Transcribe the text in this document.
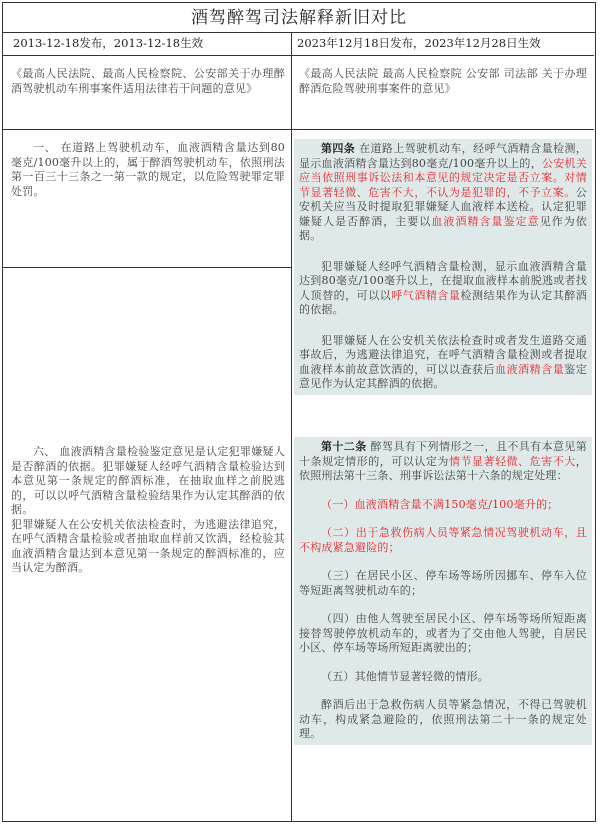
酒驾醉驾司法解释新旧对比
2013-12-18发布，2013-12-18生效	2023年12月18日发布，2023年12月28日生效
《最高人民法院、最高人民检察院、公安部关于办理醉酒驾驶机动车刑事案件适用法律若干问题的意见》
《最高人民法院 最高人民检察院 公安部 司法部 关于办理醉酒危险驾驶刑事案件的意见》
一、 在道路上驾驶机动车，血液酒精含量达到80毫克/100毫升以上的，属于醉酒驾驶机动车，依照刑法第一百三十三条之一第一款的规定，以危险驾驶罪定罪处罚。

六、 血液酒精含量检验鉴定意见是认定犯罪嫌疑人是否醉酒的依据。犯罪嫌疑人经呼气酒精含量检验达到本意见第一条规定的醉酒标准，在抽取血样之前脱逃的，可以以呼气酒精含量检验结果作为认定其醉酒的依据。

犯罪嫌疑人在公安机关依法检查时，为逃避法律追究，在呼气酒精含量检验或者抽取血样前又饮酒，经检验其血液酒精含量达到本意见第一条规定的醉酒标准的，应当认定为醉酒。

第四条 在道路上驾驶机动车，经呼气酒精含量检测，显示血液酒精含量达到80毫克/100毫升以上的，公安机关应当依照刑事诉讼法和本意见的规定决定是否立案。对情节显著轻微、危害不大，不认为是犯罪的，不予立案。公安机关应当及时提取犯罪嫌疑人血液样本送检。认定犯罪嫌疑人是否醉酒，主要以血液酒精含量鉴定意见作为依据。

犯罪嫌疑人经呼气酒精含量检测，显示血液酒精含量达到80毫克/100毫升以上，在提取血液样本前脱逃或者找人顶替的，可以以呼气酒精含量检测结果作为认定其醉酒的依据。

犯罪嫌疑人在公安机关依法检查时或者发生道路交通事故后，为逃避法律追究，在呼气酒精含量检测或者提取血液样本前故意饮酒的，可以以查获后血液酒精含量鉴定意见作为认定其醉酒的依据。

第十二条 醉驾具有下列情形之一，且不具有本意见第十条规定情形的，可以认定为情节显著轻微、危害不大，依照刑法第十三条、刑事诉讼法第十六条的规定处理：

（一）血液酒精含量不满150毫克/100毫升的；

（二）出于急救伤病人员等紧急情况驾驶机动车，且不构成紧急避险的；

（三）在居民小区、停车场等场所因挪车、停车入位等短距离驾驶机动车的；

（四）由他人驾驶至居民小区、停车场等场所短距离接替驾驶停放机动车的，或者为了交由他人驾驶，自居民小区、停车场等场所短距离驶出的；

（五）其他情节显著轻微的情形。

醉酒后出于急救伤病人员等紧急情况，不得已驾驶机动车，构成紧急避险的，依照刑法第二十一条的规定处理。
